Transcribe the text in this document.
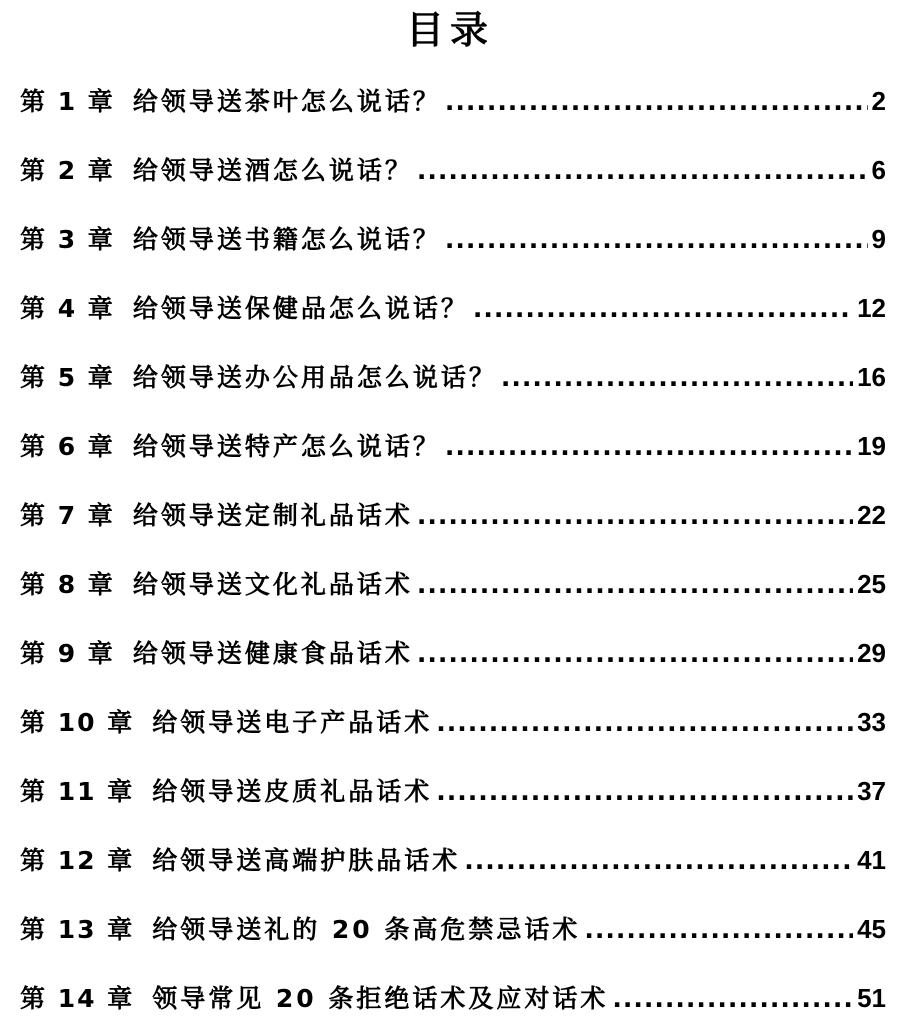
目录
第 1 章 给领导送茶叶怎么说话？ .....	2
第 2 章 给领导送酒怎么说话？ .....	6
第 3 章 给领导送书籍怎么说话？ .....	9
第 4 章 给领导送保健品怎么说话？ .....	12
第 5 章 给领导送办公用品怎么说话？ .....	16
第 6 章 给领导送特产怎么说话？ .....	19
第 7 章 给领导送定制礼品话术 .....	22
第 8 章 给领导送文化礼品话术 .....	25
第 9 章 给领导送健康食品话术 .....	29
第 10 章 给领导送电子产品话术 .....	33
第 11 章 给领导送皮质礼品话术 .....	37
第 12 章 给领导送高端护肤品话术 .....	41
第 13 章 给领导送礼的 20 条高危禁忌话术 .....	45
第 14 章 领导常见 20 条拒绝话术及应对话术 .....	51
